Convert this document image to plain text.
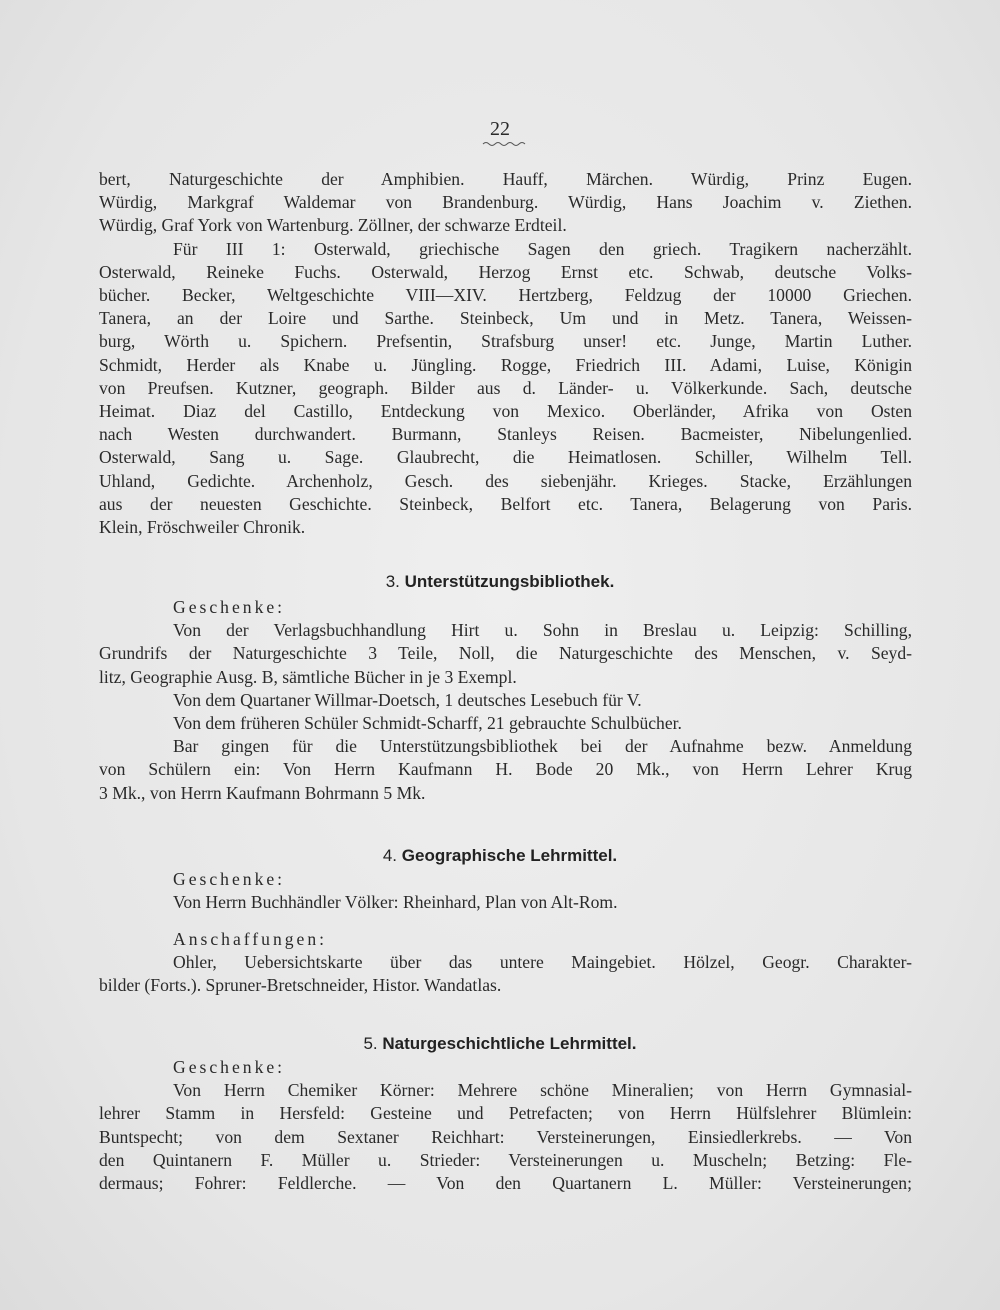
22
bert, Naturgeschichte der Amphibien. Hauff, Märchen. Würdig, Prinz Eugen.
Würdig, Markgraf Waldemar von Brandenburg. Würdig, Hans Joachim v. Ziethen.
Würdig, Graf York von Wartenburg. Zöllner, der schwarze Erdteil.
Für III 1: Osterwald, griechische Sagen den griech. Tragikern nacherzählt.
Osterwald, Reineke Fuchs. Osterwald, Herzog Ernst etc. Schwab, deutsche Volks-
bücher. Becker, Weltgeschichte VIII—XIV. Hertzberg, Feldzug der 10000 Griechen.
Tanera, an der Loire und Sarthe. Steinbeck, Um und in Metz. Tanera, Weissen-
burg, Wörth u. Spichern. Prefsentin, Strafsburg unser! etc. Junge, Martin Luther.
Schmidt, Herder als Knabe u. Jüngling. Rogge, Friedrich III. Adami, Luise, Königin
von Preufsen. Kutzner, geograph. Bilder aus d. Länder- u. Völkerkunde. Sach, deutsche
Heimat. Diaz del Castillo, Entdeckung von Mexico. Oberländer, Afrika von Osten
nach Westen durchwandert. Burmann, Stanleys Reisen. Bacmeister, Nibelungenlied.
Osterwald, Sang u. Sage. Glaubrecht, die Heimatlosen. Schiller, Wilhelm Tell.
Uhland, Gedichte. Archenholz, Gesch. des siebenjähr. Krieges. Stacke, Erzählungen
aus der neuesten Geschichte. Steinbeck, Belfort etc. Tanera, Belagerung von Paris.
Klein, Fröschweiler Chronik.
3. Unterstützungsbibliothek.
Geschenke:
Von der Verlagsbuchhandlung Hirt u. Sohn in Breslau u. Leipzig: Schilling,
Grundrifs der Naturgeschichte 3 Teile, Noll, die Naturgeschichte des Menschen, v. Seyd-
litz, Geographie Ausg. B, sämtliche Bücher in je 3 Exempl.
Von dem Quartaner Willmar-Doetsch, 1 deutsches Lesebuch für V.
Von dem früheren Schüler Schmidt-Scharff, 21 gebrauchte Schulbücher.
Bar gingen für die Unterstützungsbibliothek bei der Aufnahme bezw. Anmeldung
von Schülern ein: Von Herrn Kaufmann H. Bode 20 Mk., von Herrn Lehrer Krug
3 Mk., von Herrn Kaufmann Bohrmann 5 Mk.
4. Geographische Lehrmittel.
Geschenke:
Von Herrn Buchhändler Völker: Rheinhard, Plan von Alt-Rom.
Anschaffungen:
Ohler, Uebersichtskarte über das untere Maingebiet. Hölzel, Geogr. Charakter-
bilder (Forts.). Spruner-Bretschneider, Histor. Wandatlas.
5. Naturgeschichtliche Lehrmittel.
Geschenke:
Von Herrn Chemiker Körner: Mehrere schöne Mineralien; von Herrn Gymnasial-
lehrer Stamm in Hersfeld: Gesteine und Petrefacten; von Herrn Hülfslehrer Blümlein:
Buntspecht; von dem Sextaner Reichhart: Versteinerungen, Einsiedlerkrebs. — Von
den Quintanern F. Müller u. Strieder: Versteinerungen u. Muscheln; Betzing: Fle-
dermaus; Fohrer: Feldlerche. — Von den Quartanern L. Müller: Versteinerungen;
